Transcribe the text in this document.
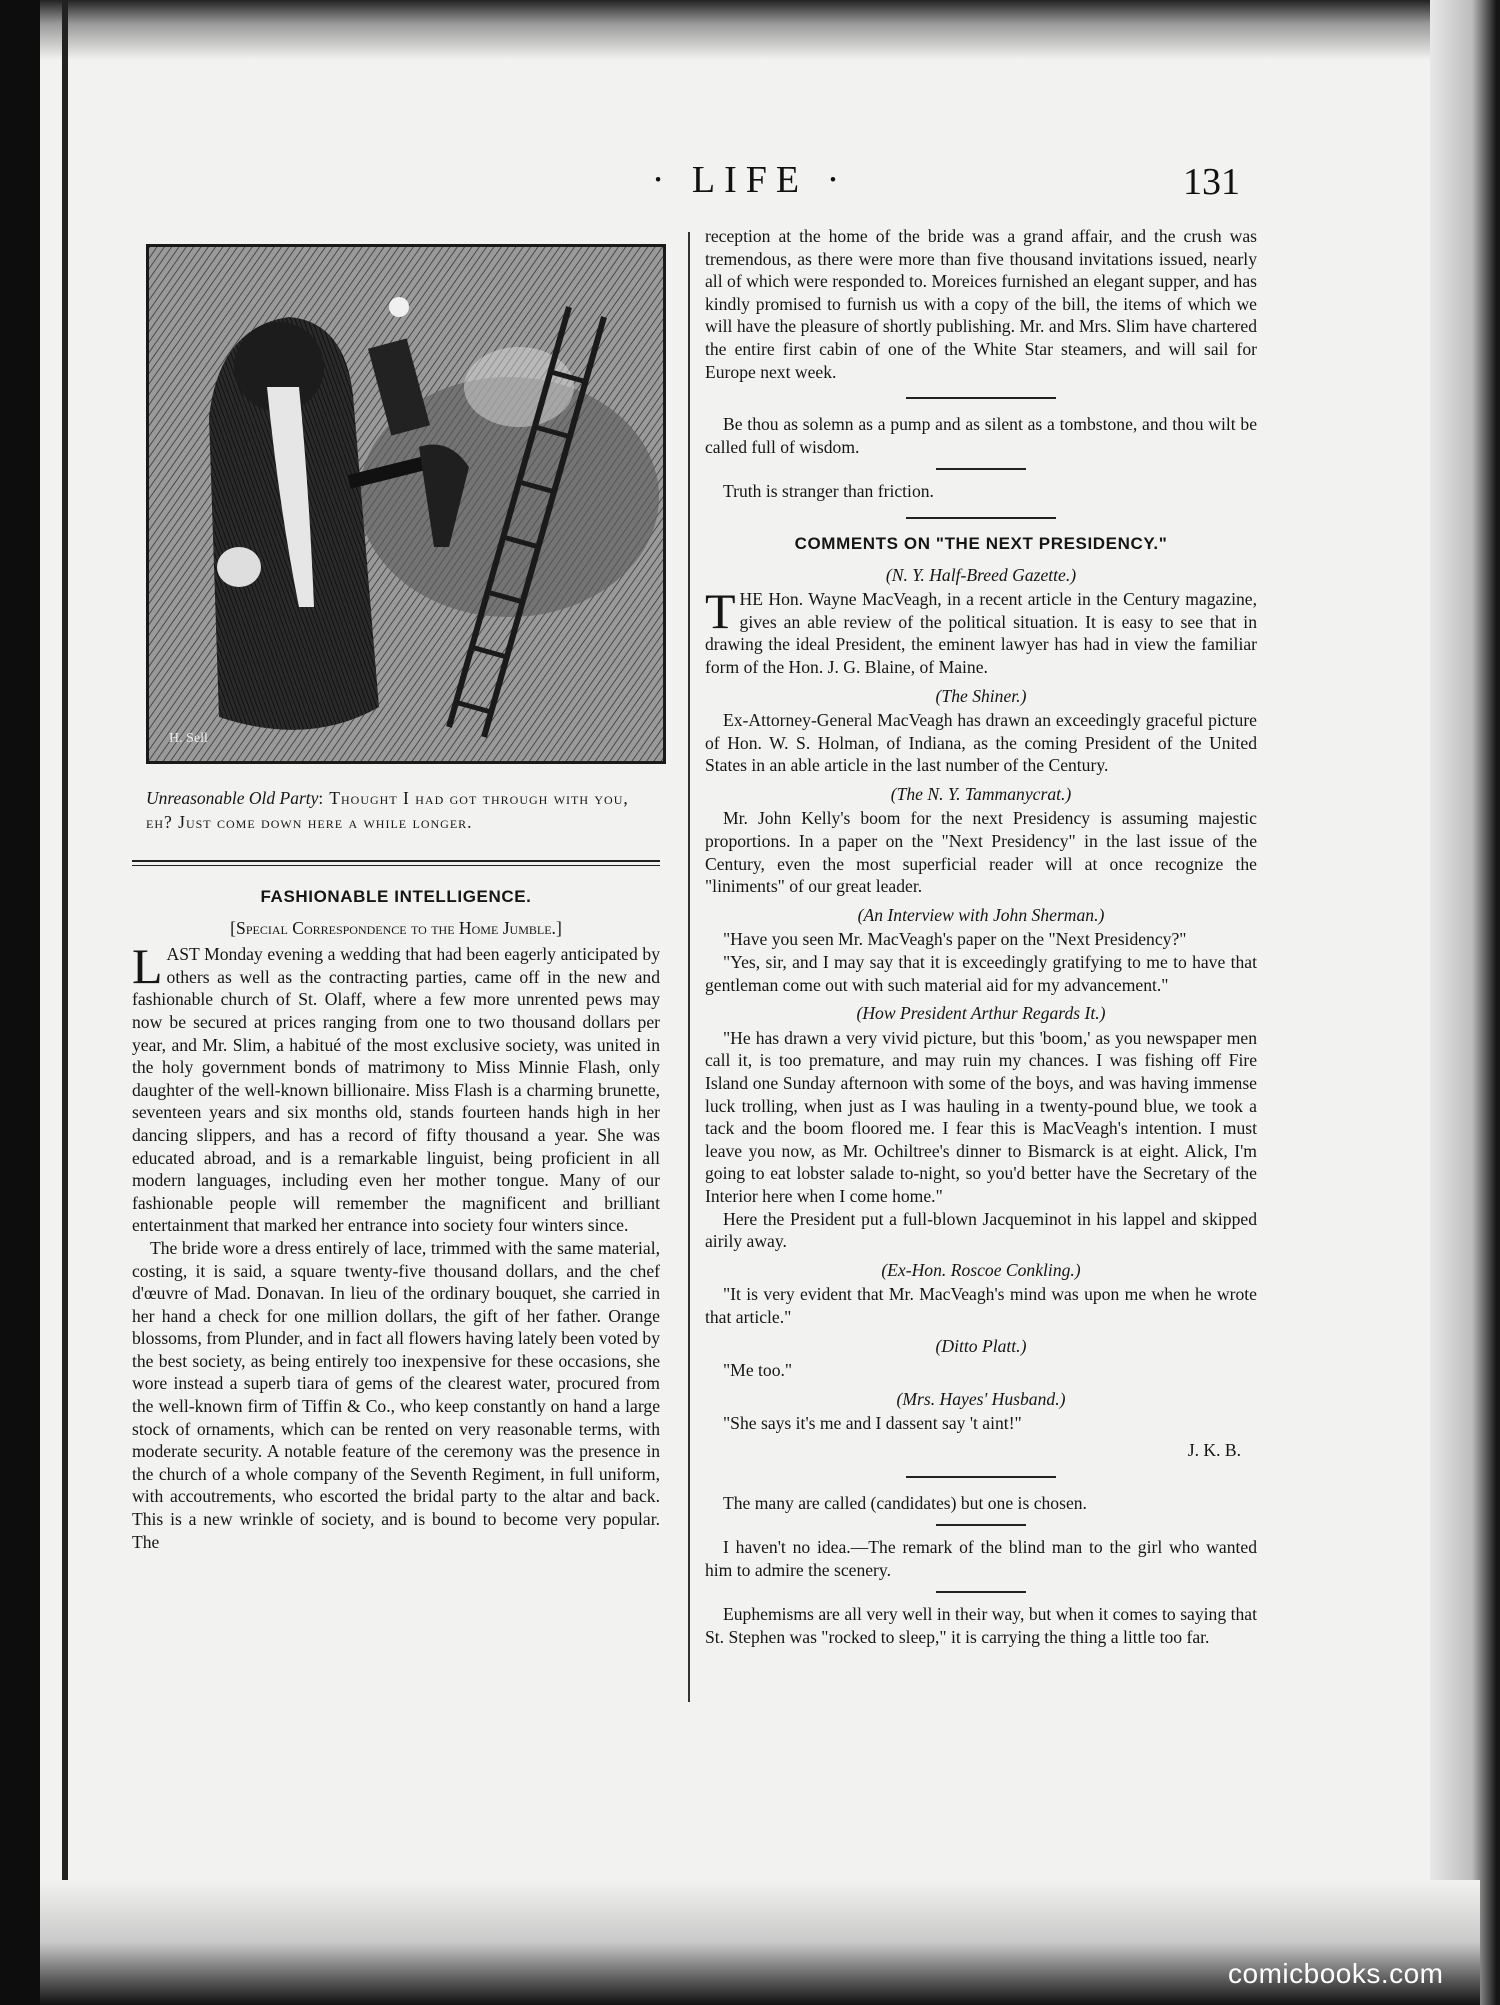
· LIFE ·	131
H. Sell
Unreasonable Old Party: Thought I had got through with you, eh? Just come down here a while longer.
FASHIONABLE INTELLIGENCE.
[Special Correspondence to the Home Jumble.]

LAST Monday evening a wedding that had been eagerly anticipated by others as well as the contracting parties, came off in the new and fashionable church of St. Olaff, where a few more unrented pews may now be secured at prices ranging from one to two thousand dollars per year, and Mr. Slim, a habitué of the most exclusive society, was united in the holy government bonds of matrimony to Miss Minnie Flash, only daughter of the well-known billionaire. Miss Flash is a charming brunette, seventeen years and six months old, stands fourteen hands high in her dancing slippers, and has a record of fifty thousand a year. She was educated abroad, and is a remarkable linguist, being proficient in all modern languages, including even her mother tongue. Many of our fashionable people will remember the magnificent and brilliant entertainment that marked her entrance into society four winters since.

The bride wore a dress entirely of lace, trimmed with the same material, costing, it is said, a square twenty-five thousand dollars, and the chef d'œuvre of Mad. Donavan. In lieu of the ordinary bouquet, she carried in her hand a check for one million dollars, the gift of her father. Orange blossoms, from Plunder, and in fact all flowers having lately been voted by the best society, as being entirely too inexpensive for these occasions, she wore instead a superb tiara of gems of the clearest water, procured from the well-known firm of Tiffin & Co., who keep constantly on hand a large stock of ornaments, which can be rented on very reasonable terms, with moderate security. A notable feature of the ceremony was the presence in the church of a whole company of the Seventh Regiment, in full uniform, with accoutrements, who escorted the bridal party to the altar and back. This is a new wrinkle of society, and is bound to become very popular. The

reception at the home of the bride was a grand affair, and the crush was tremendous, as there were more than five thousand invitations issued, nearly all of which were responded to. Moreices furnished an elegant supper, and has kindly promised to furnish us with a copy of the bill, the items of which we will have the pleasure of shortly publishing. Mr. and Mrs. Slim have chartered the entire first cabin of one of the White Star steamers, and will sail for Europe next week.

Be thou as solemn as a pump and as silent as a tombstone, and thou wilt be called full of wisdom.

Truth is stranger than friction.

COMMENTS ON "THE NEXT PRESIDENCY."
(N. Y. Half-Breed Gazette.)

THE Hon. Wayne MacVeagh, in a recent article in the Century magazine, gives an able review of the political situation. It is easy to see that in drawing the ideal President, the eminent lawyer has had in view the familiar form of the Hon. J. G. Blaine, of Maine.

(The Shiner.)

Ex-Attorney-General MacVeagh has drawn an exceedingly graceful picture of Hon. W. S. Holman, of Indiana, as the coming President of the United States in an able article in the last number of the Century.

(The N. Y. Tammanycrat.)

Mr. John Kelly's boom for the next Presidency is assuming majestic proportions. In a paper on the "Next Presidency" in the last issue of the Century, even the most superficial reader will at once recognize the "liniments" of our great leader.

(An Interview with John Sherman.)

"Have you seen Mr. MacVeagh's paper on the "Next Presidency?"

"Yes, sir, and I may say that it is exceedingly gratifying to me to have that gentleman come out with such material aid for my advancement."

(How President Arthur Regards It.)

"He has drawn a very vivid picture, but this 'boom,' as you newspaper men call it, is too premature, and may ruin my chances. I was fishing off Fire Island one Sunday afternoon with some of the boys, and was having immense luck trolling, when just as I was hauling in a twenty-pound blue, we took a tack and the boom floored me. I fear this is MacVeagh's intention. I must leave you now, as Mr. Ochiltree's dinner to Bismarck is at eight. Alick, I'm going to eat lobster salade to-night, so you'd better have the Secretary of the Interior here when I come home."

Here the President put a full-blown Jacqueminot in his lappel and skipped airily away.

(Ex-Hon. Roscoe Conkling.)

"It is very evident that Mr. MacVeagh's mind was upon me when he wrote that article."

(Ditto Platt.)

"Me too."

(Mrs. Hayes' Husband.)

"She says it's me and I dassent say 't aint!"

J. K. B.

The many are called (candidates) but one is chosen.

I haven't no idea.—The remark of the blind man to the girl who wanted him to admire the scenery.

Euphemisms are all very well in their way, but when it comes to saying that St. Stephen was "rocked to sleep," it is carrying the thing a little too far.

comicbooks.com
